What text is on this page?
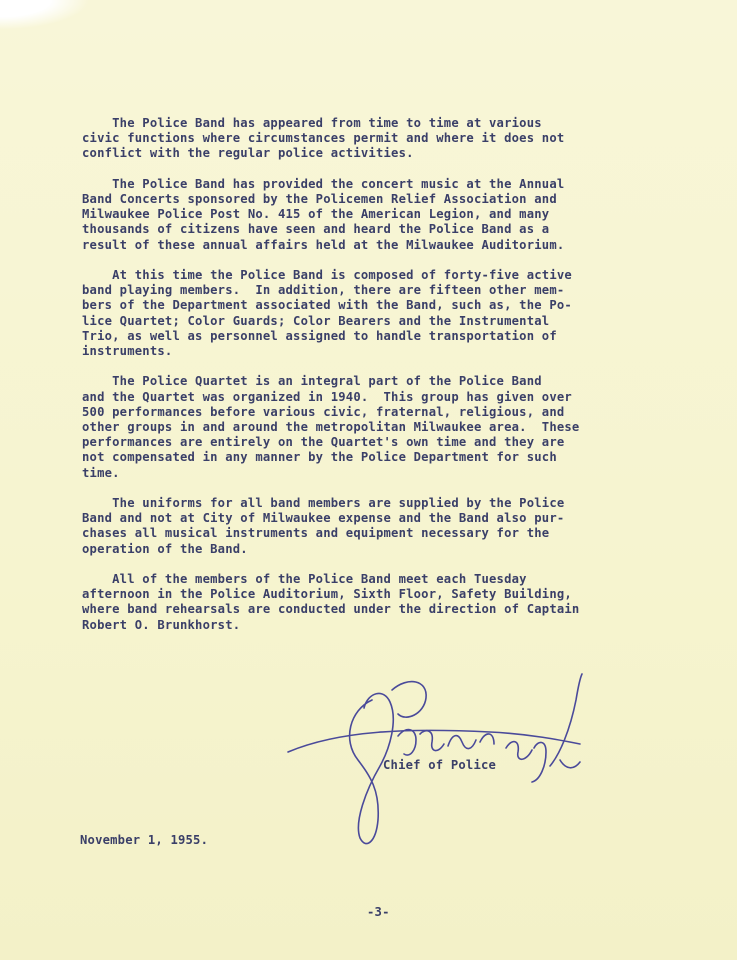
The Police Band has appeared from time to time at various
civic functions where circumstances permit and where it does not
conflict with the regular police activities.
The Police Band has provided the concert music at the Annual
Band Concerts sponsored by the Policemen Relief Association and
Milwaukee Police Post No. 415 of the American Legion, and many
thousands of citizens have seen and heard the Police Band as a
result of these annual affairs held at the Milwaukee Auditorium.
At this time the Police Band is composed of forty-five active
band playing members.  In addition, there are fifteen other mem-
bers of the Department associated with the Band, such as, the Po-
lice Quartet; Color Guards; Color Bearers and the Instrumental
Trio, as well as personnel assigned to handle transportation of
instruments.
The Police Quartet is an integral part of the Police Band
and the Quartet was organized in 1940.  This group has given over
500 performances before various civic, fraternal, religious, and
other groups in and around the metropolitan Milwaukee area.  These
performances are entirely on the Quartet's own time and they are
not compensated in any manner by the Police Department for such
time.
The uniforms for all band members are supplied by the Police
Band and not at City of Milwaukee expense and the Band also pur-
chases all musical instruments and equipment necessary for the
operation of the Band.
All of the members of the Police Band meet each Tuesday
afternoon in the Police Auditorium, Sixth Floor, Safety Building,
where band rehearsals are conducted under the direction of Captain
Robert O. Brunkhorst.
Chief of Police
November 1, 1955.
-3-
